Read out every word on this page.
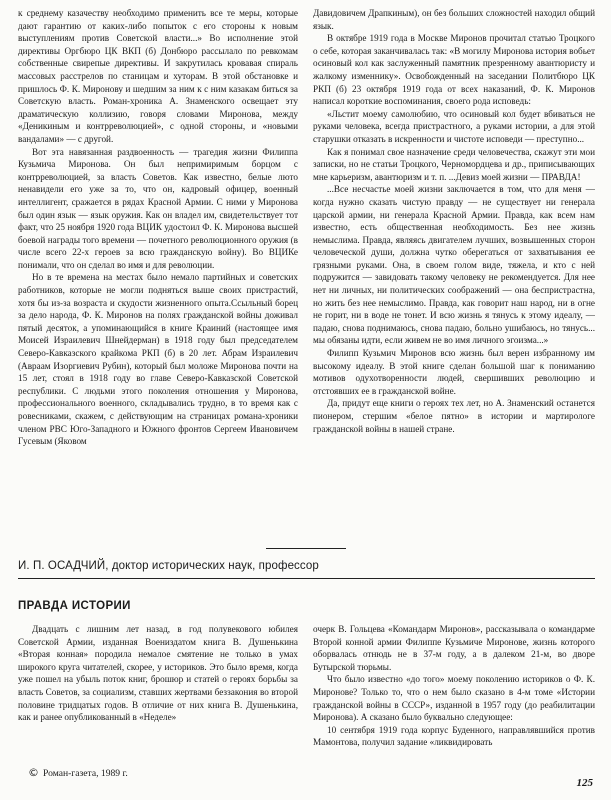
к среднему казачеству необходимо применить все те меры, которые дают гарантию от каких-либо попыток с его стороны к новым выступлениям против Советской власти...» Во исполнение этой директивы Оргбюро ЦК ВКП (б) Донбюро рассылало по ревкомам собственные свирепые директивы. И закрутилась кровавая спираль массовых расстрелов по станицам и хуторам. В этой обстановке и пришлось Ф. К. Миронову и шедшим за ним к с ним казакам биться за Советскую власть. Роман-хроника А. Знаменского освещает эту драматическую коллизию, говоря словами Миронова, между «Деникиным и контрреволюцией», с одной стороны, и «новыми вандалами» — с другой.

Вот эта навязанная раздвоенность — трагедия жизни Филиппа Кузьмича Миронова. Он был непримиримым борцом с контрреволюцией, за власть Советов. Как известно, белые люто ненавидели его уже за то, что он, кадровый офицер, военный интеллигент, сражается в рядах Красной Армии. С ними у Миронова был один язык — язык оружия. Как он владел им, свидетельствует тот факт, что 25 ноября 1920 года ВЦИК удостоил Ф. К. Миронова высшей боевой награды того времени — почетного революционного оружия (в числе всего 22-х героев за всю гражданскую войну). Во ВЦИКе понимали, что он сделал во имя и для революции.

Но в те времена на местах было немало партийных и советских работников, которые не могли подняться выше своих пристрастий, хотя бы из-за возраста и скудости жизненного опыта.Ссыльный борец за дело народа, Ф. К. Миронов на полях гражданской войны доживал пятый десяток, а упоминающийся в книге Краиний (настоящее имя Моисей Израилевич Шнейдерман) в 1918 году был председателем Северо-Кавказского крайкома РКП (б) в 20 лет. Абрам Израилевич (Авраам Изоргиевич Рубин), который был моложе Миронова почти на 15 лет, стоял в 1918 году во главе Северо-Кавказской Советской республики. С людьми этого поколения отношения у Миронова, профессионального военного, складывались трудно, в то время как с ровесниками, скажем, с действующим на страницах романа-хроники членом РВС Юго-Западного и Южного фронтов Сергеем Ивановичем Гусевым (Яковом

Давидовичем Драпкиным), он без больших сложностей находил общий язык.

В октябре 1919 года в Москве Миронов прочитал статью Троцкого о себе, которая заканчивалась так: «В могилу Миронова история вобьет осиновый кол как заслуженный памятник презренному авантюристу и жалкому изменнику». Освобожденный на заседании Политбюро ЦК РКП (б) 23 октября 1919 года от всех наказаний, Ф. К. Миронов написал короткие воспоминания, своего рода исповедь:

«Льстит моему самолюбию, что осиновый кол будет вбиваться не руками человека, всегда пристрастного, а руками истории, а для этой старушки отказать в искренности и чистоте исповеди — преступно...

Как я понимал свое назначение среди человечества, скажут эти мои записки, но не статьи Троцкого, Черномордцева и др., приписывающих мне карьеризм, авантюризм и т. п. ...Девиз моей жизни — ПРАВДА!

...Все несчастье моей жизни заключается в том, что для меня — когда нужно сказать чистую правду — не существует ни генерала царской армии, ни генерала Красной Армии. Правда, как всем нам известно, есть общественная необходимость. Без нее жизнь немыслима. Правда, являясь двигателем лучших, возвышенных сторон человеческой души, должна чутко оберегаться от захватывания ее грязными руками. Она, в своем голом виде, тяжела, и кто с ней подружится — завидовать такому человеку не рекомендуется. Для нее нет ни личных, ни политических соображений — она беспристрастна, но жить без нее немыслимо. Правда, как говорит наш народ, ни в огне не горит, ни в воде не тонет. И всю жизнь я тянусь к этому идеалу, — падаю, снова поднимаюсь, снова падаю, больно ушибаюсь, но тянусь... мы обязаны идти, если живем не во имя личного эгоизма...»

Филипп Кузьмич Миронов всю жизнь был верен избранному им высокому идеалу. В этой книге сделан большой шаг к пониманию мотивов одухотворенности людей, свершивших революцию и отстоявших ее в гражданской войне.

Да, придут еще книги о героях тех лет, но А. Знаменский останется пионером, стершим «белое пятно» в истории и мартирологе гражданской войны в нашей стране.

И. П. ОСАДЧИЙ, доктор исторических наук, профессор
ПРАВДА ИСТОРИИ

Двадцать с лишним лет назад, в год полувекового юбилея Советской Армии, изданная Воениздатом книга В. Душенькина «Вторая конная» породила немалое смятение не только в умах широкого круга читателей, скорее, у историков. Это было время, когда уже пошел на убыль поток книг, брошюр и статей о героях борьбы за власть Советов, за социализм, ставших жертвами беззакония во второй половине тридцатых годов. В отличие от них книга В. Душенькина, как и ранее опубликованный в «Неделе»

очерк В. Гольцева «Командарм Миронов», рассказывала о командарме Второй конной армии Филиппе Кузьмиче Миронове, жизнь которого оборвалась отнюдь не в 37-м году, а в далеком 21-м, во дворе Бутырской тюрьмы.

Что было известно «до того» моему поколению историков о Ф. К. Миронове? Только то, что о нем было сказано в 4-м томе «Истории гражданской войны в СССР», изданной в 1957 году (до реабилитации Миронова). А сказано было буквально следующее:

10 сентября 1919 года корпус Буденного, направлявшийся против Мамонтова, получил задание «ликвидировать

© Роман-газета, 1989 г.
125
